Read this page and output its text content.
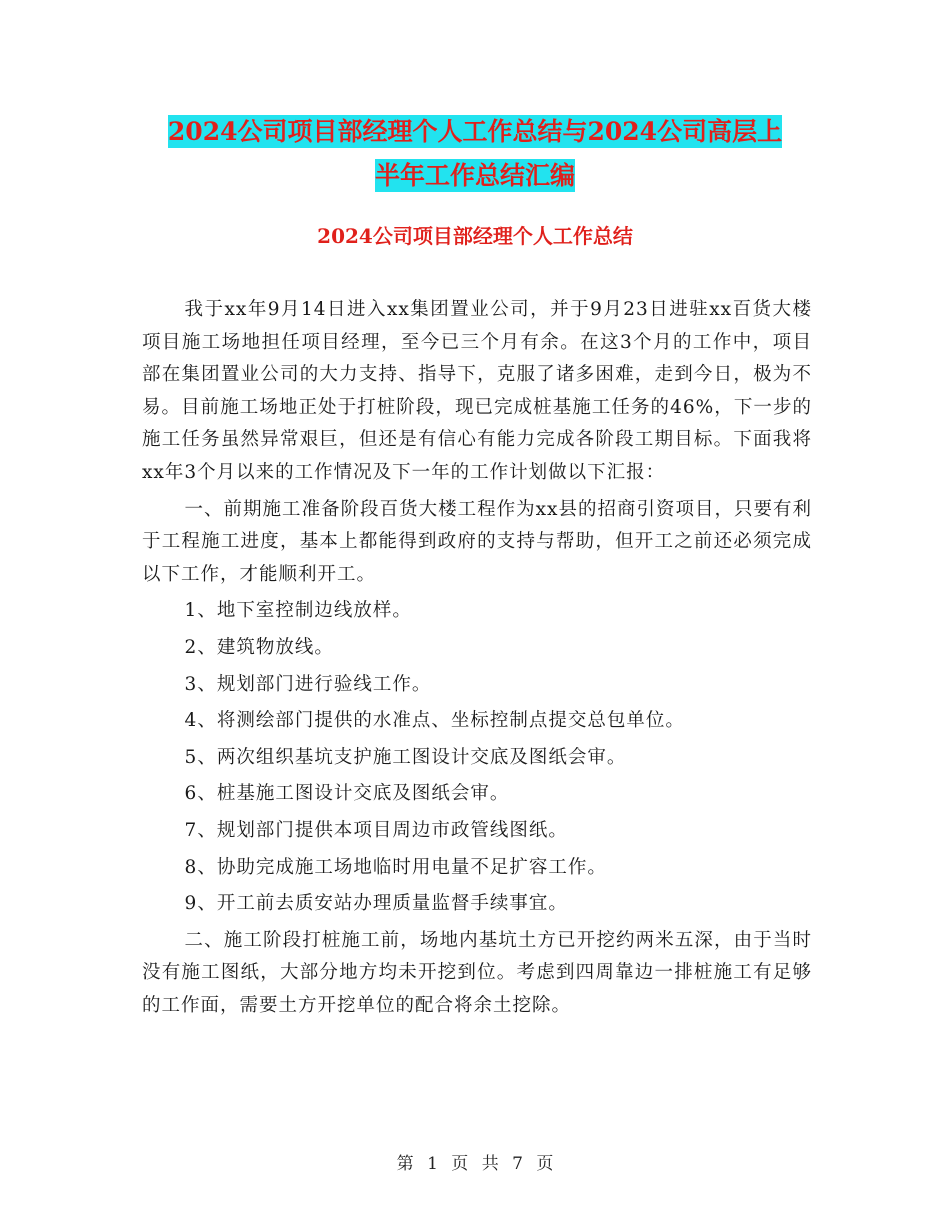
2024公司项目部经理个人工作总结与2024公司高层上
半年工作总结汇编
2024公司项目部经理个人工作总结

我于xx年9月14日进入xx集团置业公司，并于9月23日进驻xx百货大楼项目施工场地担任项目经理，至今已三个月有余。在这3个月的工作中，项目部在集团置业公司的大力支持、指导下，克服了诸多困难，走到今日，极为不易。目前施工场地正处于打桩阶段，现已完成桩基施工任务的46%，下一步的施工任务虽然异常艰巨，但还是有信心有能力完成各阶段工期目标。下面我将xx年3个月以来的工作情况及下一年的工作计划做以下汇报：

一、前期施工准备阶段百货大楼工程作为xx县的招商引资项目，只要有利于工程施工进度，基本上都能得到政府的支持与帮助，但开工之前还必须完成以下工作，才能顺利开工。

1、地下室控制边线放样。

2、建筑物放线。

3、规划部门进行验线工作。

4、将测绘部门提供的水准点、坐标控制点提交总包单位。

5、两次组织基坑支护施工图设计交底及图纸会审。

6、桩基施工图设计交底及图纸会审。

7、规划部门提供本项目周边市政管线图纸。

8、协助完成施工场地临时用电量不足扩容工作。

9、开工前去质安站办理质量监督手续事宜。

二、施工阶段打桩施工前，场地内基坑土方已开挖约两米五深，由于当时没有施工图纸，大部分地方均未开挖到位。考虑到四周靠边一排桩施工有足够的工作面，需要土方开挖单位的配合将余土挖除。

第 1 页 共 7 页
